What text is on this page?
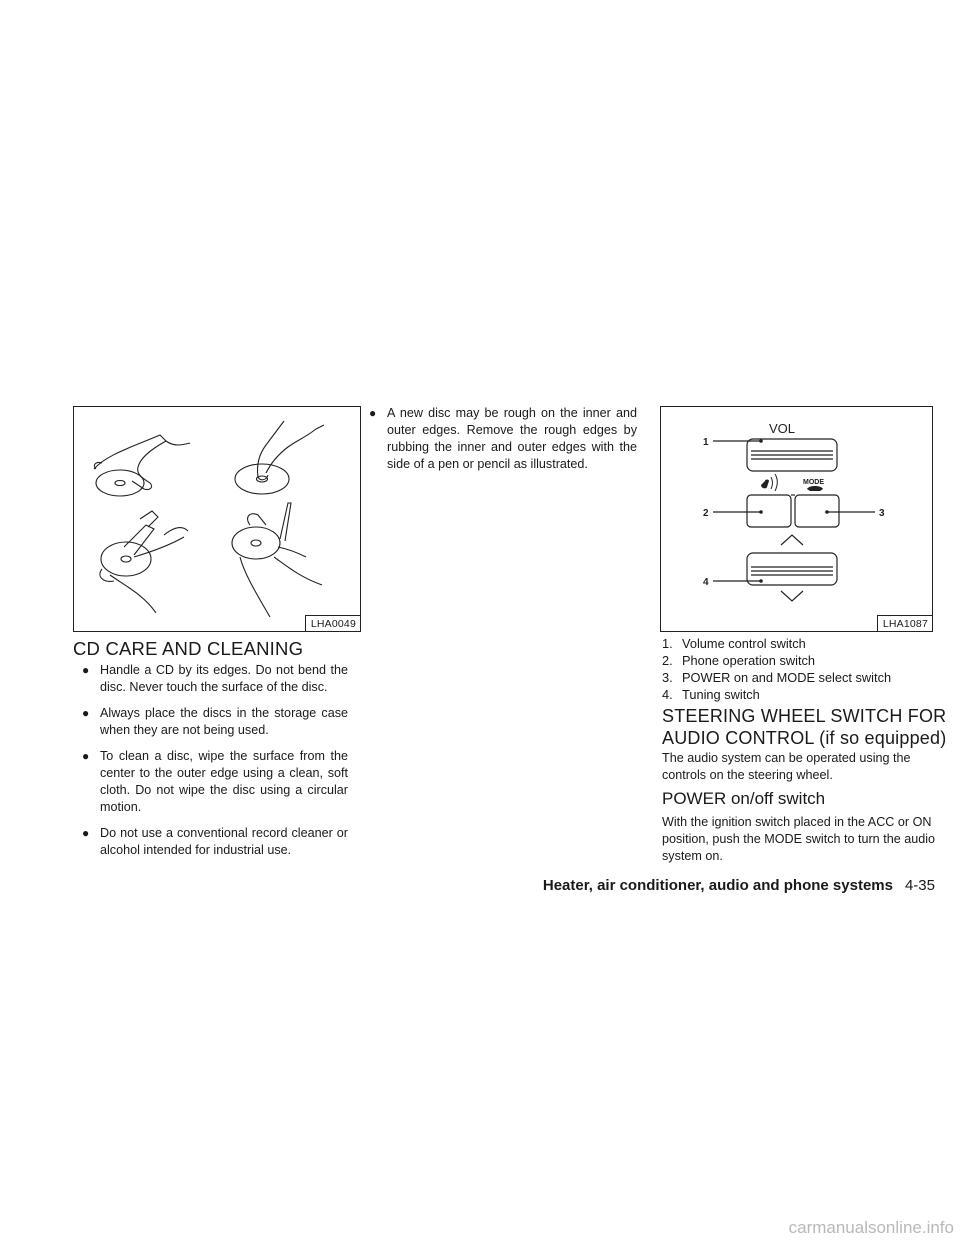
LHA0049
VOL
MODE
1
2	3
4
LHA1087
CD CARE AND CLEANING
● Handle a CD by its edges. Do not bend the disc. Never touch the surface of the disc.
● Always place the discs in the storage case when they are not being used.
● To clean a disc, wipe the surface from the center to the outer edge using a clean, soft cloth. Do not wipe the disc using a circular motion.
● Do not use a conventional record cleaner or alcohol intended for industrial use.
● A new disc may be rough on the inner and outer edges. Remove the rough edges by rubbing the inner and outer edges with the side of a pen or pencil as illustrated.
1. Volume control switch
2. Phone operation switch
3. POWER on and MODE select switch
4. Tuning switch
STEERING WHEEL SWITCH FOR
AUDIO CONTROL (if so equipped)

The audio system can be operated using the controls on the steering wheel.

POWER on/off switch

With the ignition switch placed in the ACC or ON position, push the MODE switch to turn the audio system on.

Heater, air conditioner, audio and phone systems 4-35
carmanualsonline.info
